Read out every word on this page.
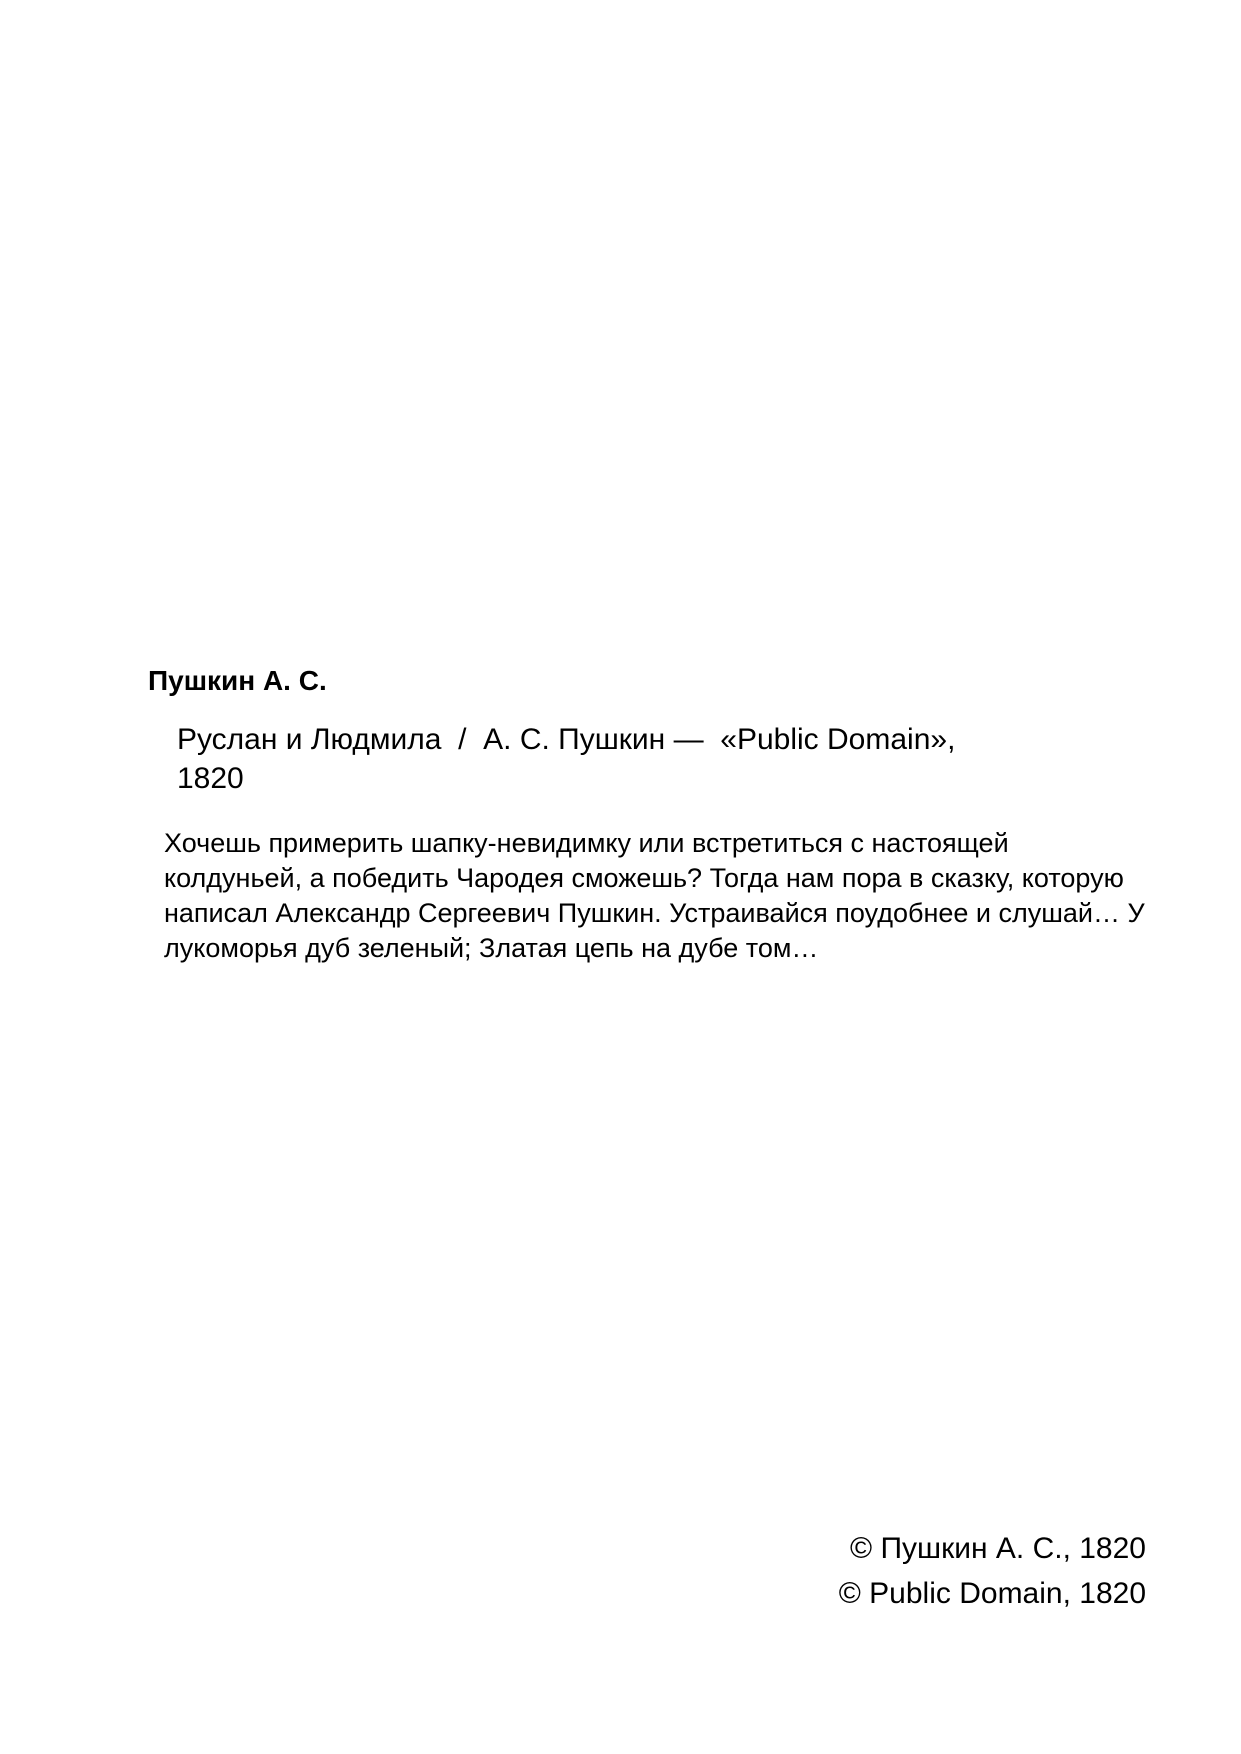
Пушкин А. С.

Руслан и Людмила  /  А. С. Пушкин —  «Public Domain»,
1820

Хочешь примерить шапку-невидимку или встретиться с настоящей колдуньей, а победить Чародея сможешь? Тогда нам пора в сказку, которую написал Александр Сергеевич Пушкин. Устраивайся поудобнее и слушай… У лукоморья дуб зеленый; Златая цепь на дубе том…

© Пушкин А. С., 1820
© Public Domain, 1820
